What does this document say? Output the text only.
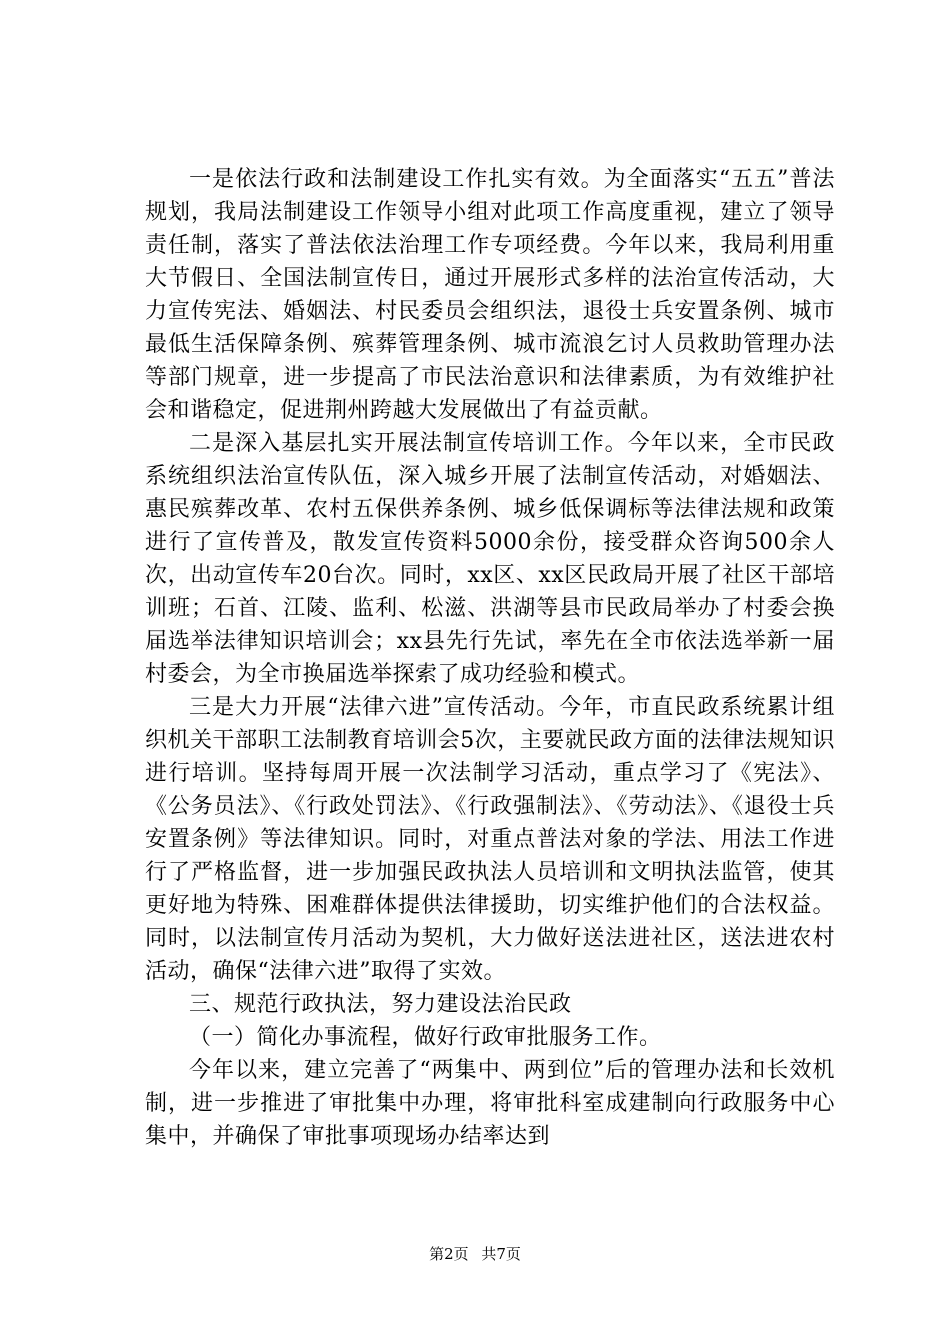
一是依法行政和法制建设工作扎实有效。为全面落实“五五”普法规划，我局法制建设工作领导小组对此项工作高度重视，建立了领导责任制，落实了普法依法治理工作专项经费。今年以来，我局利用重大节假日、全国法制宣传日，通过开展形式多样的法治宣传活动，大力宣传宪法、婚姻法、村民委员会组织法，退役士兵安置条例、城市最低生活保障条例、殡葬管理条例、城市流浪乞讨人员救助管理办法等部门规章，进一步提高了市民法治意识和法律素质，为有效维护社会和谐稳定，促进荆州跨越大发展做出了有益贡献。

二是深入基层扎实开展法制宣传培训工作。今年以来，全市民政系统组织法治宣传队伍，深入城乡开展了法制宣传活动，对婚姻法、惠民殡葬改革、农村五保供养条例、城乡低保调标等法律法规和政策进行了宣传普及，散发宣传资料5000余份，接受群众咨询500余人次，出动宣传车20台次。同时，xx区、xx区民政局开展了社区干部培训班；石首、江陵、监利、松滋、洪湖等县市民政局举办了村委会换届选举法律知识培训会；xx县先行先试，率先在全市依法选举新一届村委会，为全市换届选举探索了成功经验和模式。

三是大力开展“法律六进”宣传活动。今年，市直民政系统累计组织机关干部职工法制教育培训会5次，主要就民政方面的法律法规知识进行培训。坚持每周开展一次法制学习活动，重点学习了《宪法》、《公务员法》、《行政处罚法》、《行政强制法》、《劳动法》、《退役士兵安置条例》等法律知识。同时，对重点普法对象的学法、用法工作进行了严格监督，进一步加强民政执法人员培训和文明执法监管，使其更好地为特殊、困难群体提供法律援助，切实维护他们的合法权益。同时，以法制宣传月活动为契机，大力做好送法进社区，送法进农村活动，确保“法律六进”取得了实效。

三、规范行政执法，努力建设法治民政

（一）简化办事流程，做好行政审批服务工作。

今年以来，建立完善了“两集中、两到位”后的管理办法和长效机制，进一步推进了审批集中办理，将审批科室成建制向行政服务中心集中，并确保了审批事项现场办结率达到

第2页 共7页
